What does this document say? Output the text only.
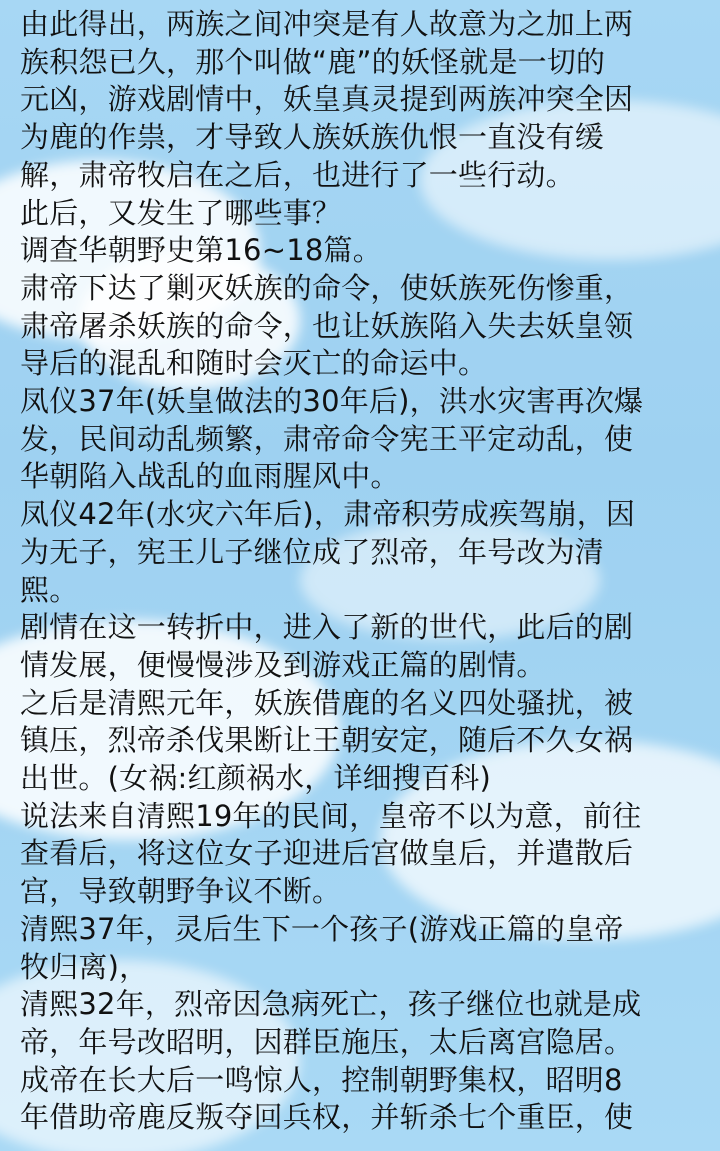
由此得出，两族之间冲突是有人故意为之加上两
族积怨已久，那个叫做“鹿”的妖怪就是一切的
元凶，游戏剧情中，妖皇真灵提到两族冲突全因
为鹿的作祟，才导致人族妖族仇恨一直没有缓
解，肃帝牧启在之后，也进行了一些行动。
此后，又发生了哪些事？
调查华朝野史第16~18篇。
肃帝下达了剿灭妖族的命令，使妖族死伤惨重，
肃帝屠杀妖族的命令，也让妖族陷入失去妖皇领
导后的混乱和随时会灭亡的命运中。
凤仪37年(妖皇做法的30年后)，洪水灾害再次爆
发，民间动乱频繁，肃帝命令宪王平定动乱，使
华朝陷入战乱的血雨腥风中。
凤仪42年(水灾六年后)，肃帝积劳成疾驾崩，因
为无子，宪王儿子继位成了烈帝，年号改为清
熙。
剧情在这一转折中，进入了新的世代，此后的剧
情发展，便慢慢涉及到游戏正篇的剧情。
之后是清熙元年，妖族借鹿的名义四处骚扰，被
镇压，烈帝杀伐果断让王朝安定，随后不久女祸
出世。(女祸:红颜祸水，详细搜百科)
说法来自清熙19年的民间，皇帝不以为意，前往
查看后，将这位女子迎进后宫做皇后，并遣散后
宫，导致朝野争议不断。
清熙37年，灵后生下一个孩子(游戏正篇的皇帝
牧归离)，
清熙32年，烈帝因急病死亡，孩子继位也就是成
帝，年号改昭明，因群臣施压，太后离宫隐居。
成帝在长大后一鸣惊人，控制朝野集权，昭明8
年借助帝鹿反叛夺回兵权，并斩杀七个重臣，使
